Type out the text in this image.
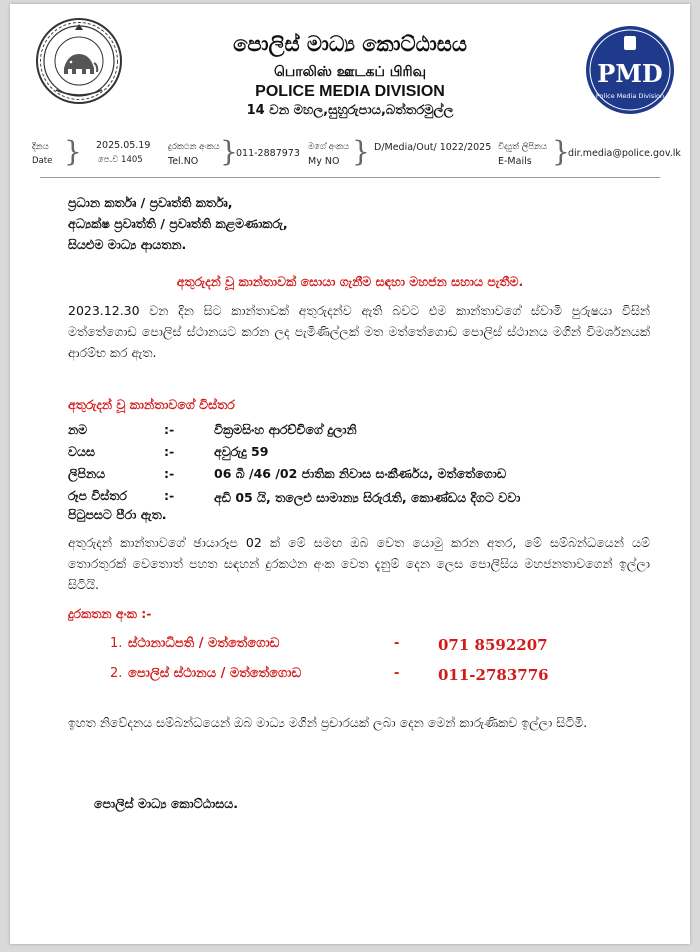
පොලිස් මාධ්‍ය කොට්ඨාසය
பொலிஸ் ஊடகப் பிரிவு
POLICE MEDIA DIVISION
14 වන මහල,සුහුරුපාය,බත්තරමුල්ල
PMD
Police Media Division
දිනය
Date } 2025.05.19
පෙ.ව 1405
දුරකථන අංකය
Tel.NO }
011-2887973
මගේ අංකය
My NO } D/Media/Out/ 1022/2025 විද්‍යුත් ලිපිනය
E-Mails }
dir.media@police.gov.lk
ප්‍රධාන කර්තෘ / ප්‍රවෘත්ති කර්තෘ,
අධ්‍යක්ෂ ප්‍රවෘත්ති / ප්‍රවෘත්ති කළමණාකරු,
සියළුම මාධ්‍ය ආයතන.
අතුරුදන් වූ කාන්තාවක් සොයා ගැනීම සඳහා මහජන සහාය පැතීම.
2023.12.30 වන දින සිට කාන්තාවක් අතුරුදන්ව ඇති බවට එම කාන්තාවගේ ස්වාමි පුරුෂයා විසින් මත්තේගොඩ පොලිස් ස්ථානයට කරන ලද පැමිණිල්ලක් මත මත්තේගොඩ පොලිස් ස්ථානය මගින් විමර්ශනයක් ආරම්භ කර ඇත.
අතුරුදන් වූ කාන්තාවගේ විස්තර
නම	:-	වික්‍රමසිංහ ආරච්චිගේ දුලානි
වයස	:-	අවුරුදු 59
ලිපිනය	:-	06 බී /46 /02 ජාතික නිවාස සංකීර්ණය, මත්තේගොඩ
රූප විස්තර	:-	අඩි 05 යි, තලෙළු සාමාන්‍ය සිරුරැති, කොණ්ඩය දිගට වවා
පිටුපසට පීරා ඇත.
අතුරුදන් කාන්තාවගේ ඡායාරූප 02 ක් මේ සමඟ ඔබ වෙත යොමු කරන අතර, මේ සම්බන්ධයෙන් යම් තොරතුරක් වෙතොත් පහත සඳහන් දුරකථන අංක වෙත දැනුම් දෙන ලෙස පොලීසිය මහජනතාවගෙන් ඉල්ලා සිටියි.
දුරකතන අංක :-
1. ස්ථානාධිපති / මත්තේගොඩ	-	071 8592207
2. පොලිස් ස්ථානය / මත්තේගොඩ	-	011-2783776
ඉහත නිවේදනය සම්බන්ධයෙන් ඔබ මාධ්‍ය මගින් ප්‍රචාරයක් ලබා දෙන මෙන් කාරුණිකව ඉල්ලා සිටිමි.
පොලිස් මාධ්‍ය කොට්ඨාසය.
